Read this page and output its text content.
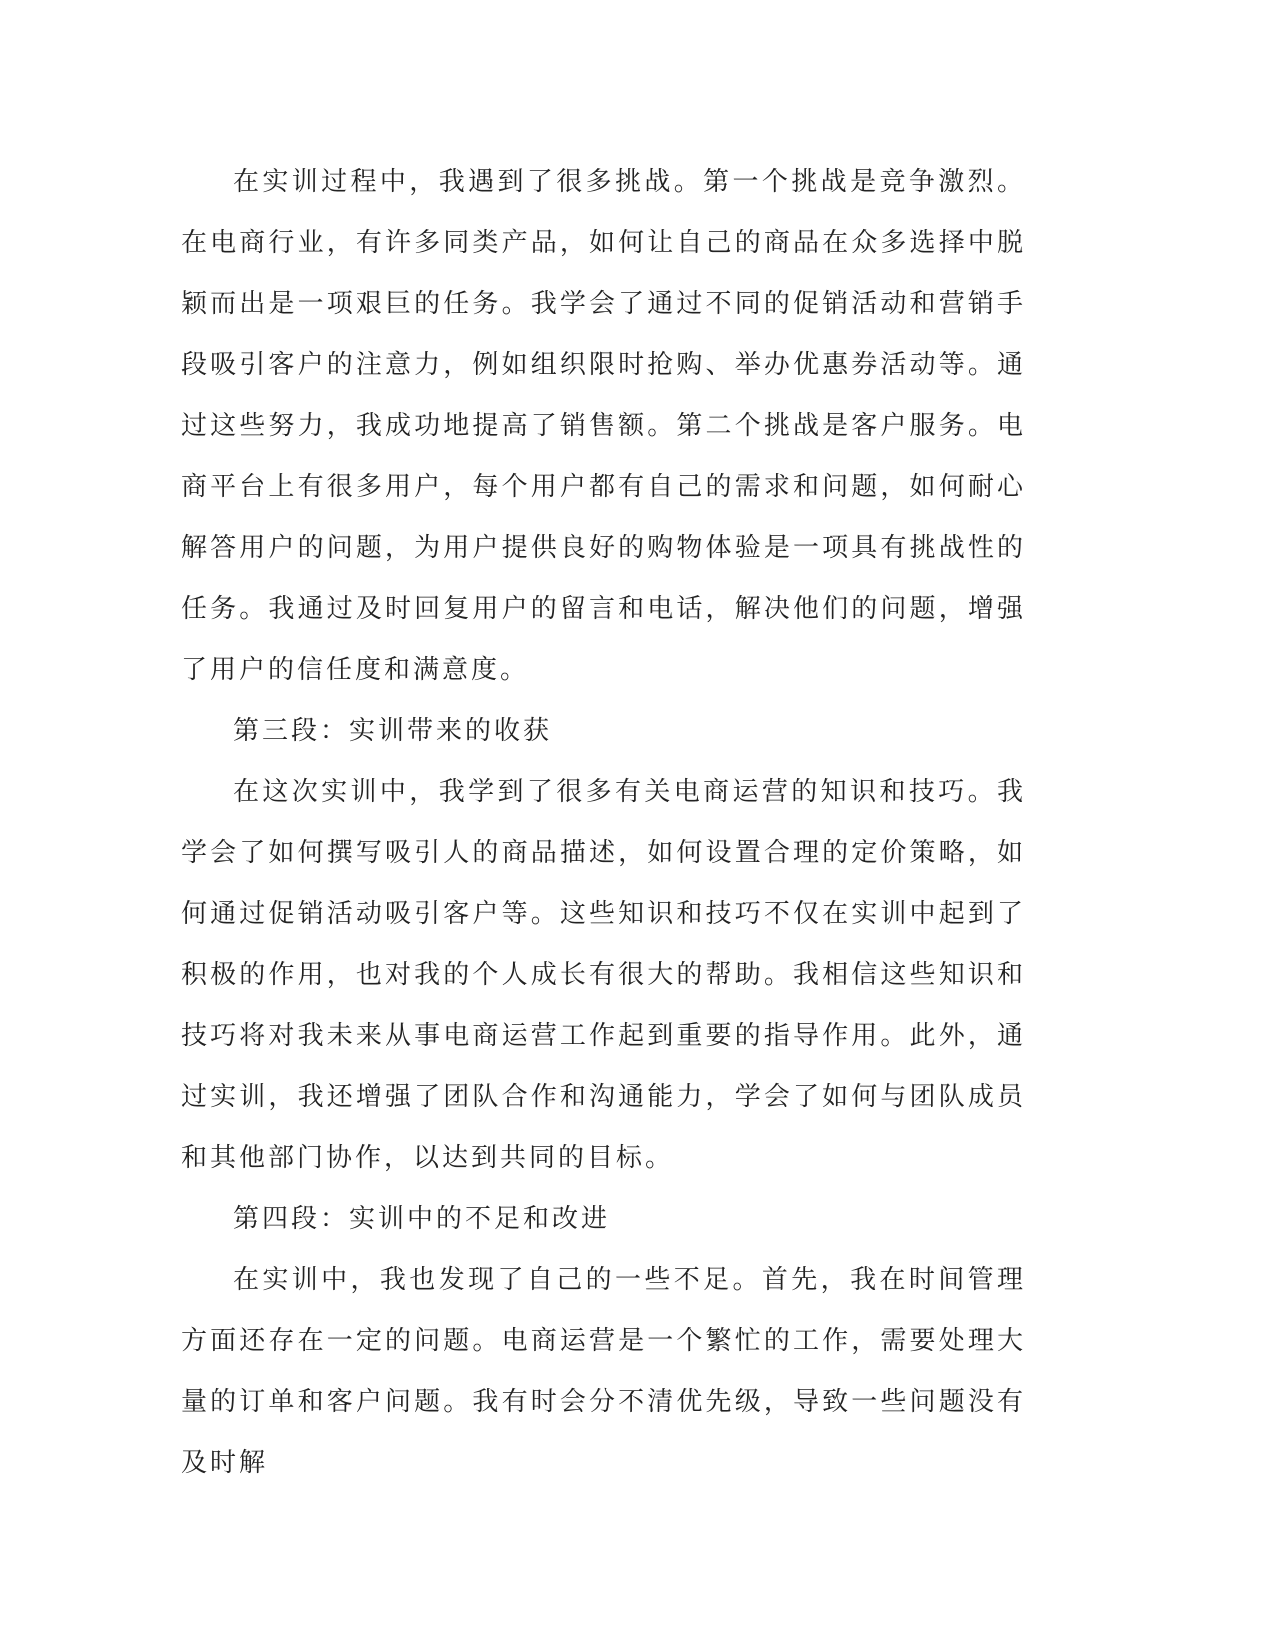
在实训过程中，我遇到了很多挑战。第一个挑战是竞争激烈。在电商行业，有许多同类产品，如何让自己的商品在众多选择中脱颖而出是一项艰巨的任务。我学会了通过不同的促销活动和营销手段吸引客户的注意力，例如组织限时抢购、举办优惠券活动等。通过这些努力，我成功地提高了销售额。第二个挑战是客户服务。电商平台上有很多用户，每个用户都有自己的需求和问题，如何耐心解答用户的问题，为用户提供良好的购物体验是一项具有挑战性的任务。我通过及时回复用户的留言和电话，解决他们的问题，增强了用户的信任度和满意度。

第三段：实训带来的收获

在这次实训中，我学到了很多有关电商运营的知识和技巧。我学会了如何撰写吸引人的商品描述，如何设置合理的定价策略，如何通过促销活动吸引客户等。这些知识和技巧不仅在实训中起到了积极的作用，也对我的个人成长有很大的帮助。我相信这些知识和技巧将对我未来从事电商运营工作起到重要的指导作用。此外，通过实训，我还增强了团队合作和沟通能力，学会了如何与团队成员和其他部门协作，以达到共同的目标。

第四段：实训中的不足和改进

在实训中，我也发现了自己的一些不足。首先，我在时间管理方面还存在一定的问题。电商运营是一个繁忙的工作，需要处理大量的订单和客户问题。我有时会分不清优先级，导致一些问题没有及时解
